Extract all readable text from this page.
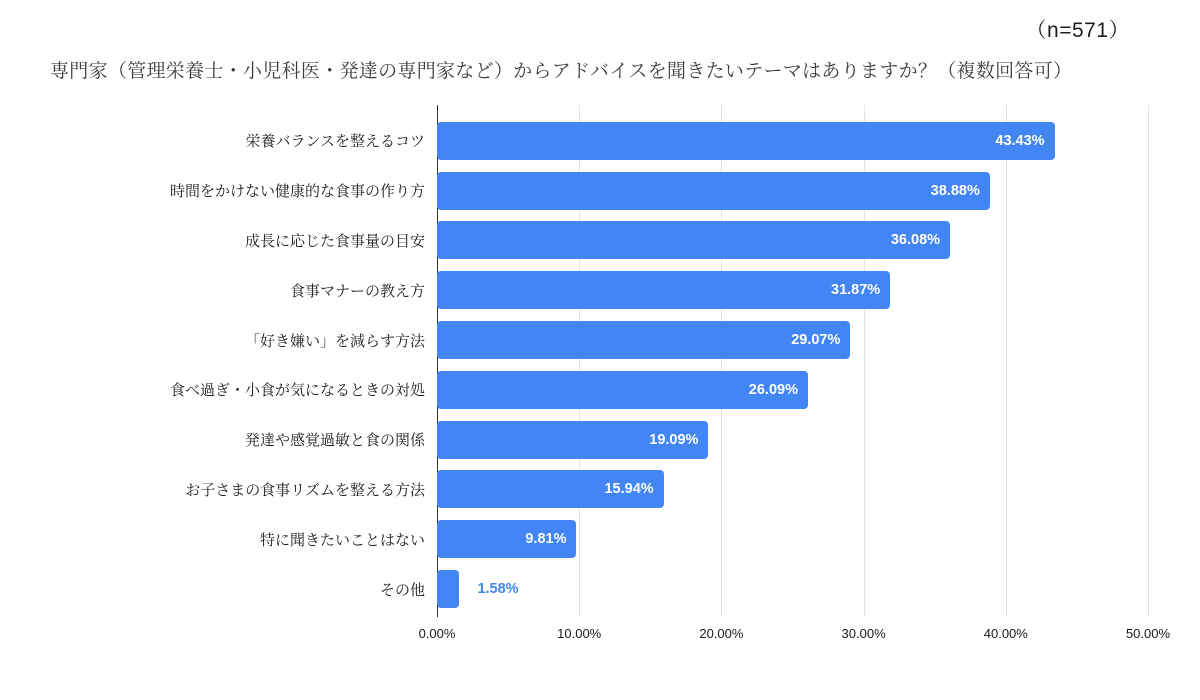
（n=571）
専門家（管理栄養士・小児科医・発達の専門家など）からアドバイスを聞きたいテーマはありますか？（複数回答可）
栄養バランスを整えるコツ	43.43%
時間をかけない健康的な食事の作り方	38.88%
成長に応じた食事量の目安	36.08%
食事マナーの教え方	31.87%
「好き嫌い」を減らす方法	29.07%
食べ過ぎ・小食が気になるときの対処	26.09%
発達や感覚過敏と食の関係	19.09%
お子さまの食事リズムを整える方法	15.94%
特に聞きたいことはない	9.81%
その他	1.58%
0.00%	10.00%	20.00%	30.00%	40.00%	50.00%
